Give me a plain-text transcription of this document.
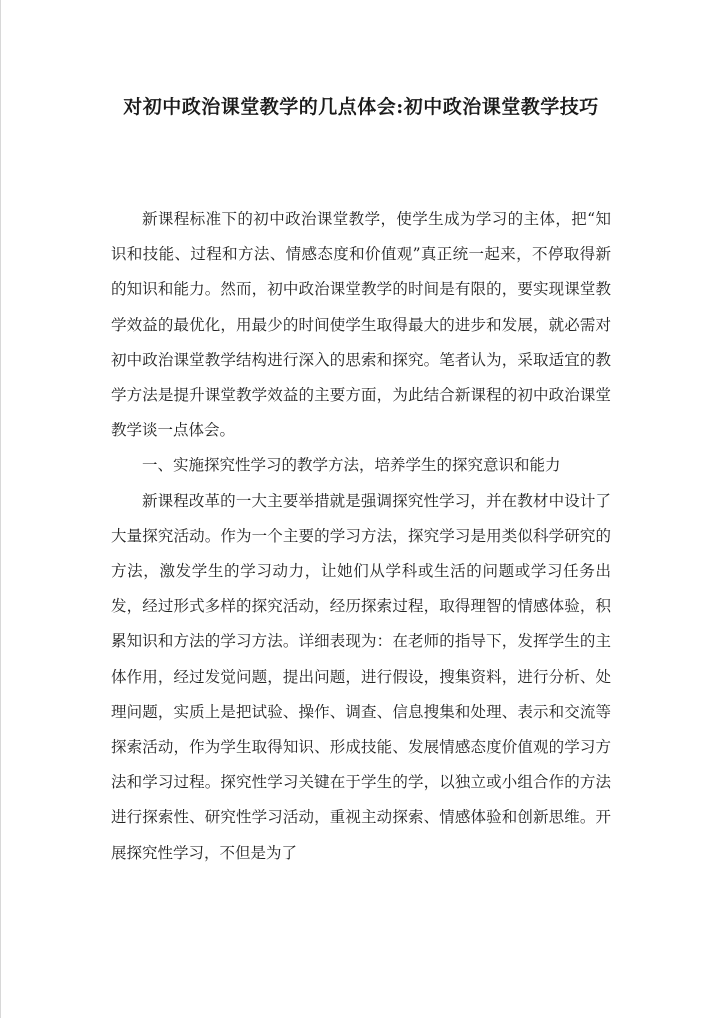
对初中政治课堂教学的几点体会:初中政治课堂教学技巧

新课程标准下的初中政治课堂教学，使学生成为学习的主体，把“知识和技能、过程和方法、情感态度和价值观”真正统一起来，不停取得新的知识和能力。然而，初中政治课堂教学的时间是有限的，要实现课堂教学效益的最优化，用最少的时间使学生取得最大的进步和发展，就必需对初中政治课堂教学结构进行深入的思索和探究。笔者认为，采取适宜的教学方法是提升课堂教学效益的主要方面，为此结合新课程的初中政治课堂教学谈一点体会。

一、实施探究性学习的教学方法，培养学生的探究意识和能力

新课程改革的一大主要举措就是强调探究性学习，并在教材中设计了大量探究活动。作为一个主要的学习方法，探究学习是用类似科学研究的方法，激发学生的学习动力，让她们从学科或生活的问题或学习任务出发，经过形式多样的探究活动，经历探索过程，取得理智的情感体验，积累知识和方法的学习方法。详细表现为：在老师的指导下，发挥学生的主体作用，经过发觉问题，提出问题，进行假设，搜集资料，进行分析、处理问题，实质上是把试验、操作、调查、信息搜集和处理、表示和交流等探索活动，作为学生取得知识、形成技能、发展情感态度价值观的学习方法和学习过程。探究性学习关键在于学生的学，以独立或小组合作的方法进行探索性、研究性学习活动，重视主动探索、情感体验和创新思维。开展探究性学习，不但是为了
